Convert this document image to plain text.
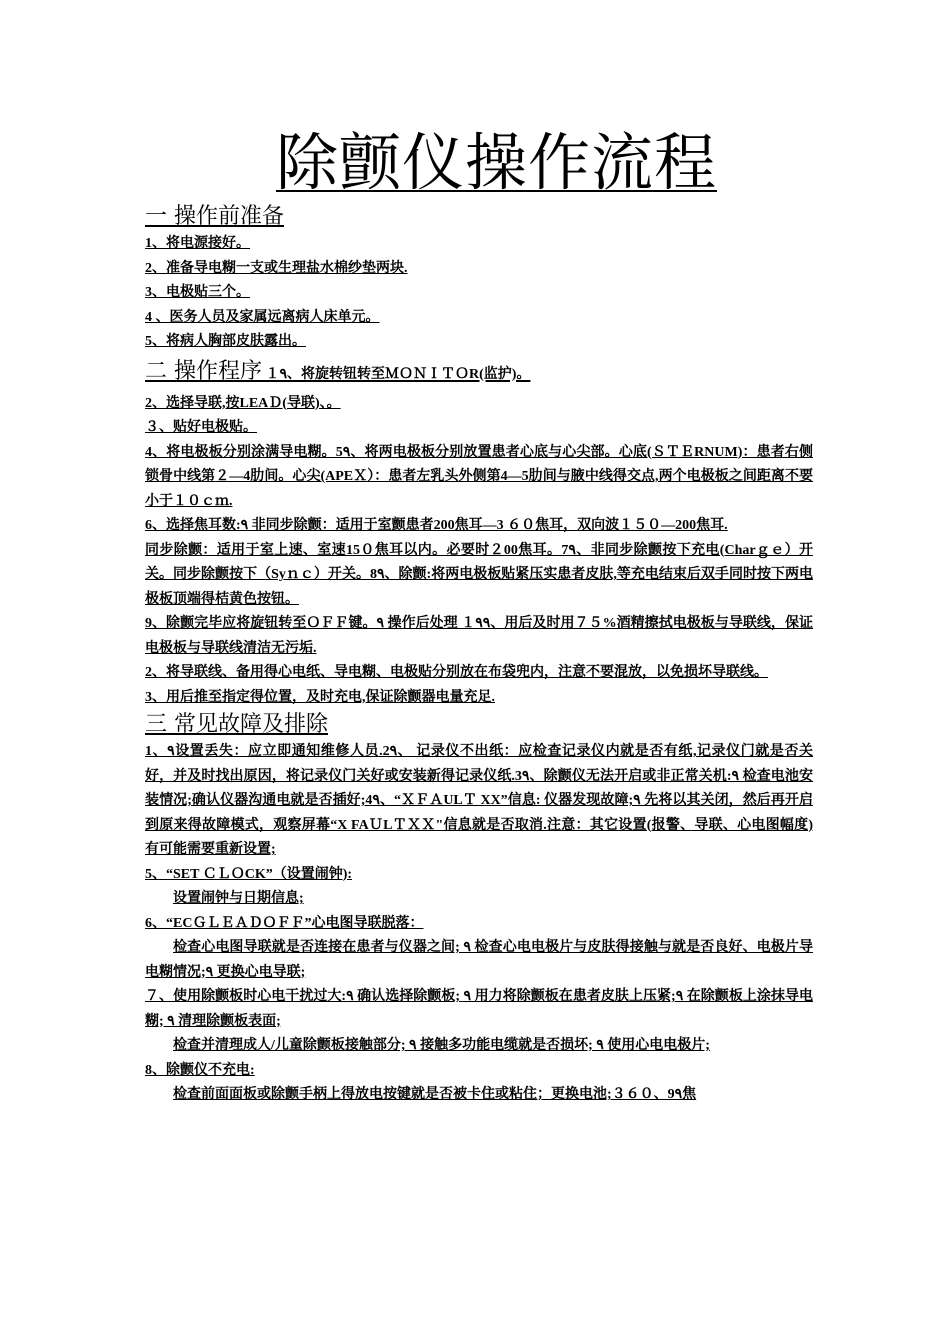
除颤仪操作流程

一 操作前准备

1、将电源接好。

2、准备导电糊一支或生理盐水棉纱垫两块.

3、电极贴三个。

4 、医务人员及家属远离病人床单元。

5、将病人胸部皮肤露出。

二 操作程序 １۹、将旋转钮转至ＭＯＮＩＴＯR(监护)。

2、选择导联,按LEAＤ(导联)、。

３、贴好电极贴。

4、将电极板分别涂满导电糊。5۹、将两电极板分别放置患者心底与心尖部。心底(ＳＴＥRNUM)：患者右侧锁骨中线第２—4肋间。心尖(APEＸ）：患者左乳头外侧第4—5肋间与腋中线得交点,两个电极板之间距离不要小于１０ｃｍ.

6、选择焦耳数:۹ 非同步除颤：适用于室颤患者200焦耳—3 ６０焦耳，双向波１５０—200焦耳.

同步除颤：适用于室上速、室速15０焦耳以内。必要时２00焦耳。7۹、非同步除颤按下充电(Charｇｅ）开关。同步除颤按下（Syｎｃ）开关。8۹、除颤:将两电极板贴紧压实患者皮肤,等充电结束后双手同时按下两电极板顶端得桔黄色按钮。

9、除颤完毕应将旋钮转至ＯＦＦ键。۹ 操作后处理 １۹۹、用后及时用７５%酒精擦拭电极板与导联线，保证电极板与导联线清洁无污垢.

2、将导联线、备用得心电纸、导电糊、电极贴分别放在布袋兜内，注意不要混放，以免损坏导联线。

3、用后推至指定得位置，及时充电,保证除颤器电量充足.

三 常见故障及排除

1、۹设置丢失：应立即通知维修人员.2۹、 记录仪不出纸：应检查记录仪内就是否有纸,记录仪门就是否关好，并及时找出原因，将记录仪门关好或安装新得记录仪纸.3۹、除颤仪无法开启或非正常关机:۹ 检查电池安装情况;确认仪器沟通电就是否插好;4۹、“ＸＦＡULＴ XX”信息: 仪器发现故障;۹ 先将以其关闭，然后再开启到原来得故障模式，观察屏幕“X FAＵLＴＸＸ"信息就是否取消.注意：其它设置(报警、导联、心电图幅度)有可能需要重新设置;

5、“SET ＣＬＯCK”（设置闹钟):

设置闹钟与日期信息;

6、“ECＧＬＥＡＤＯＦＦ”心电图导联脱落：

检查心电图导联就是否连接在患者与仪器之间; ۹ 检查心电电极片与皮肤得接触与就是否良好、电极片导电糊情况;۹ 更换心电导联;

７、使用除颤板时心电干扰过大:۹ 确认选择除颤板; ۹ 用力将除颤板在患者皮肤上压紧;۹ 在除颤板上涂抹导电糊; ۹ 清理除颤板表面;

检查并清理成人/儿童除颤板接触部分; ۹ 接触多功能电缆就是否损坏; ۹ 使用心电电极片;

8、除颤仪不充电:

检查前面面板或除颤手柄上得放电按键就是否被卡住或粘住；更换电池;３６０、9۹焦
